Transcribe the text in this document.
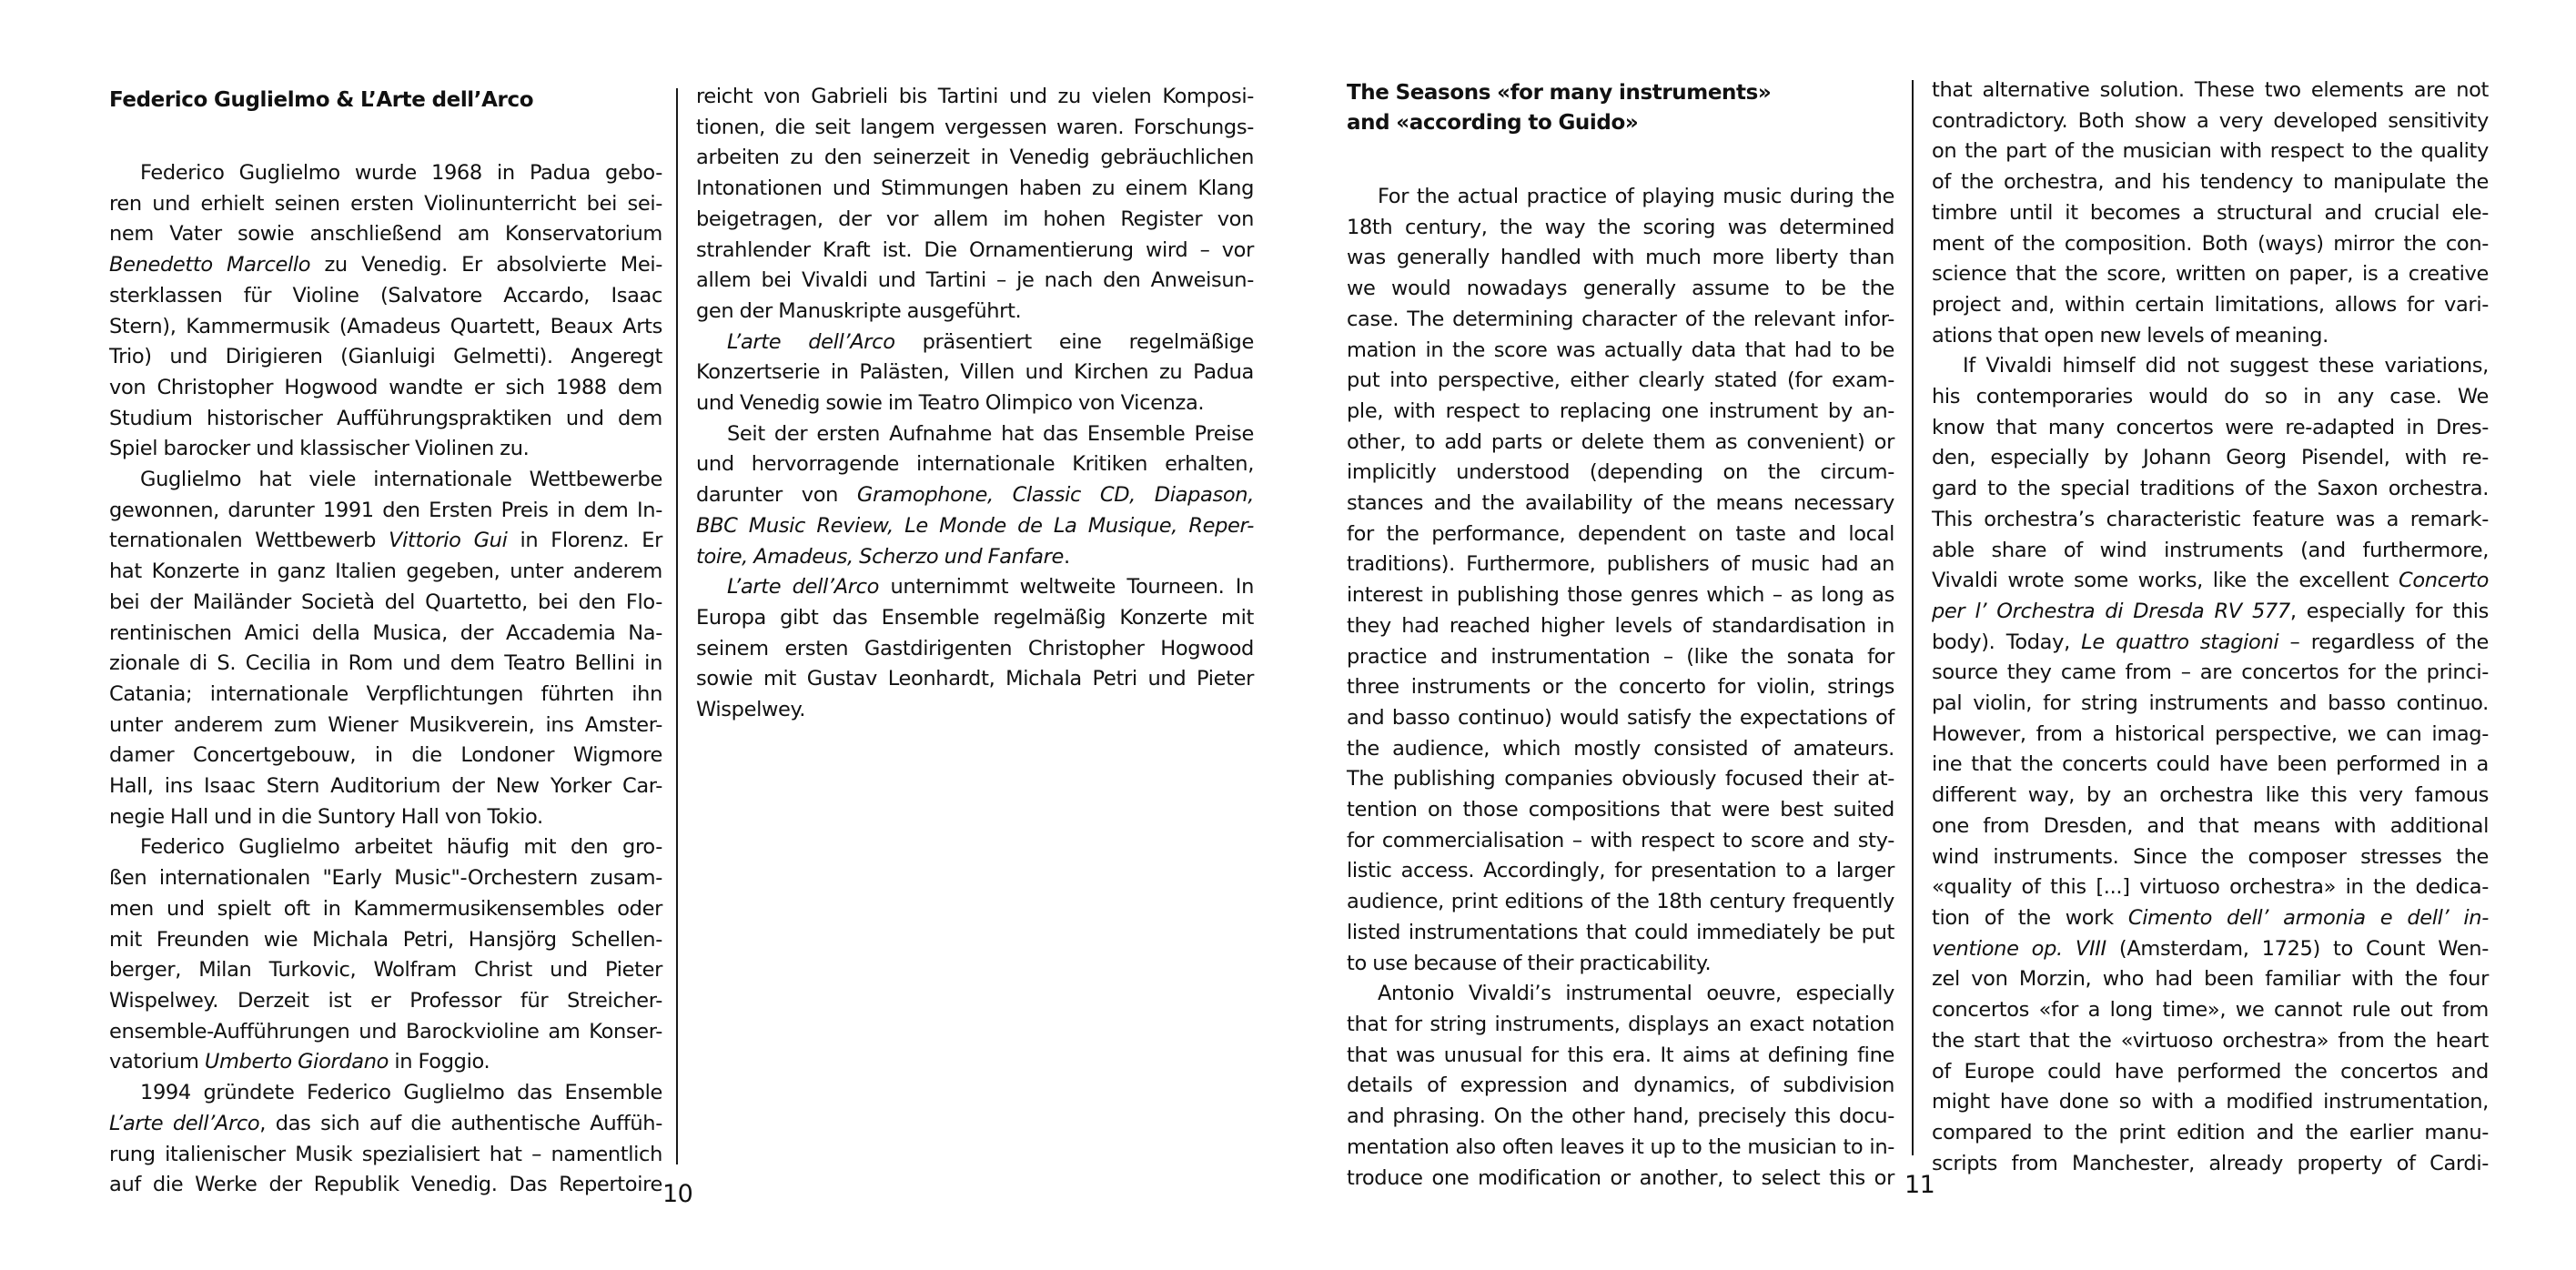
Federico Guglielmo & L’Arte dell’Arco
Federico Guglielmo wurde 1968 in Padua gebo-
ren und erhielt seinen ersten Violinunterricht bei sei-
nem Vater sowie anschließend am Konservatorium
Benedetto Marcello zu Venedig. Er absolvierte Mei-
sterklassen für Violine (Salvatore Accardo, Isaac
Stern), Kammermusik (Amadeus Quartett, Beaux Arts
Trio) und Dirigieren (Gianluigi Gelmetti). Angeregt
von Christopher Hogwood wandte er sich 1988 dem
Studium historischer Aufführungspraktiken und dem
Spiel barocker und klassischer Violinen zu.
Guglielmo hat viele internationale Wettbewerbe
gewonnen, darunter 1991 den Ersten Preis in dem In-
ternationalen Wettbewerb Vittorio Gui in Florenz. Er
hat Konzerte in ganz Italien gegeben, unter anderem
bei der Mailänder Società del Quartetto, bei den Flo-
rentinischen Amici della Musica, der Accademia Na-
zionale di S. Cecilia in Rom und dem Teatro Bellini in
Catania; internationale Verpflichtungen führten ihn
unter anderem zum Wiener Musikverein, ins Amster-
damer Concertgebouw, in die Londoner Wigmore
Hall, ins Isaac Stern Auditorium der New Yorker Car-
negie Hall und in die Suntory Hall von Tokio.
Federico Guglielmo arbeitet häufig mit den gro-
ßen internationalen "Early Music"-Orchestern zusam-
men und spielt oft in Kammermusikensembles oder
mit Freunden wie Michala Petri, Hansjörg Schellen-
berger, Milan Turkovic, Wolfram Christ und Pieter
Wispelwey. Derzeit ist er Professor für Streicher-
ensemble-Aufführungen und Barockvioline am Konser-
vatorium Umberto Giordano in Foggio.
1994 gründete Federico Guglielmo das Ensemble
L’arte dell’Arco, das sich auf die authentische Auffüh-
rung italienischer Musik spezialisiert hat – namentlich
auf die Werke der Republik Venedig. Das Repertoire
reicht von Gabrieli bis Tartini und zu vielen Komposi-
tionen, die seit langem vergessen waren. Forschungs-
arbeiten zu den seinerzeit in Venedig gebräuchlichen
Intonationen und Stimmungen haben zu einem Klang
beigetragen, der vor allem im hohen Register von
strahlender Kraft ist. Die Ornamentierung wird – vor
allem bei Vivaldi und Tartini – je nach den Anweisun-
gen der Manuskripte ausgeführt.
L’arte dell’Arco präsentiert eine regelmäßige
Konzertserie in Palästen, Villen und Kirchen zu Padua
und Venedig sowie im Teatro Olimpico von Vicenza.
Seit der ersten Aufnahme hat das Ensemble Preise
und hervorragende internationale Kritiken erhalten,
darunter von Gramophone, Classic CD, Diapason,
BBC Music Review, Le Monde de La Musique, Reper-
toire, Amadeus, Scherzo und Fanfare.
L’arte dell’Arco unternimmt weltweite Tourneen. In
Europa gibt das Ensemble regelmäßig Konzerte mit
seinem ersten Gastdirigenten Christopher Hogwood
sowie mit Gustav Leonhardt, Michala Petri und Pieter
Wispelwey.
10
The Seasons «for many instruments»
and «according to Guido»
For the actual practice of playing music during the
18th century, the way the scoring was determined
was generally handled with much more liberty than
we would nowadays generally assume to be the
case. The determining character of the relevant infor-
mation in the score was actually data that had to be
put into perspective, either clearly stated (for exam-
ple, with respect to replacing one instrument by an-
other, to add parts or delete them as convenient) or
implicitly understood (depending on the circum-
stances and the availability of the means necessary
for the performance, dependent on taste and local
traditions). Furthermore, publishers of music had an
interest in publishing those genres which – as long as
they had reached higher levels of standardisation in
practice and instrumentation – (like the sonata for
three instruments or the concerto for violin, strings
and basso continuo) would satisfy the expectations of
the audience, which mostly consisted of amateurs.
The publishing companies obviously focused their at-
tention on those compositions that were best suited
for commercialisation – with respect to score and sty-
listic access. Accordingly, for presentation to a larger
audience, print editions of the 18th century frequently
listed instrumentations that could immediately be put
to use because of their practicability.
Antonio Vivaldi’s instrumental oeuvre, especially
that for string instruments, displays an exact notation
that was unusual for this era. It aims at defining fine
details of expression and dynamics, of subdivision
and phrasing. On the other hand, precisely this docu-
mentation also often leaves it up to the musician to in-
troduce one modification or another, to select this or
that alternative solution. These two elements are not
contradictory. Both show a very developed sensitivity
on the part of the musician with respect to the quality
of the orchestra, and his tendency to manipulate the
timbre until it becomes a structural and crucial ele-
ment of the composition. Both (ways) mirror the con-
science that the score, written on paper, is a creative
project and, within certain limitations, allows for vari-
ations that open new levels of meaning.
If Vivaldi himself did not suggest these variations,
his contemporaries would do so in any case. We
know that many concertos were re-adapted in Dres-
den, especially by Johann Georg Pisendel, with re-
gard to the special traditions of the Saxon orchestra.
This orchestra’s characteristic feature was a remark-
able share of wind instruments (and furthermore,
Vivaldi wrote some works, like the excellent Concerto
per l’ Orchestra di Dresda RV 577, especially for this
body). Today, Le quattro stagioni – regardless of the
source they came from – are concertos for the princi-
pal violin, for string instruments and basso continuo.
However, from a historical perspective, we can imag-
ine that the concerts could have been performed in a
different way, by an orchestra like this very famous
one from Dresden, and that means with additional
wind instruments. Since the composer stresses the
«quality of this [...] virtuoso orchestra» in the dedica-
tion of the work Cimento dell’ armonia e dell’ in-
ventione op. VIII (Amsterdam, 1725) to Count Wen-
zel von Morzin, who had been familiar with the four
concertos «for a long time», we cannot rule out from
the start that the «virtuoso orchestra» from the heart
of Europe could have performed the concertos and
might have done so with a modified instrumentation,
compared to the print edition and the earlier manu-
scripts from Manchester, already property of Cardi-
11
